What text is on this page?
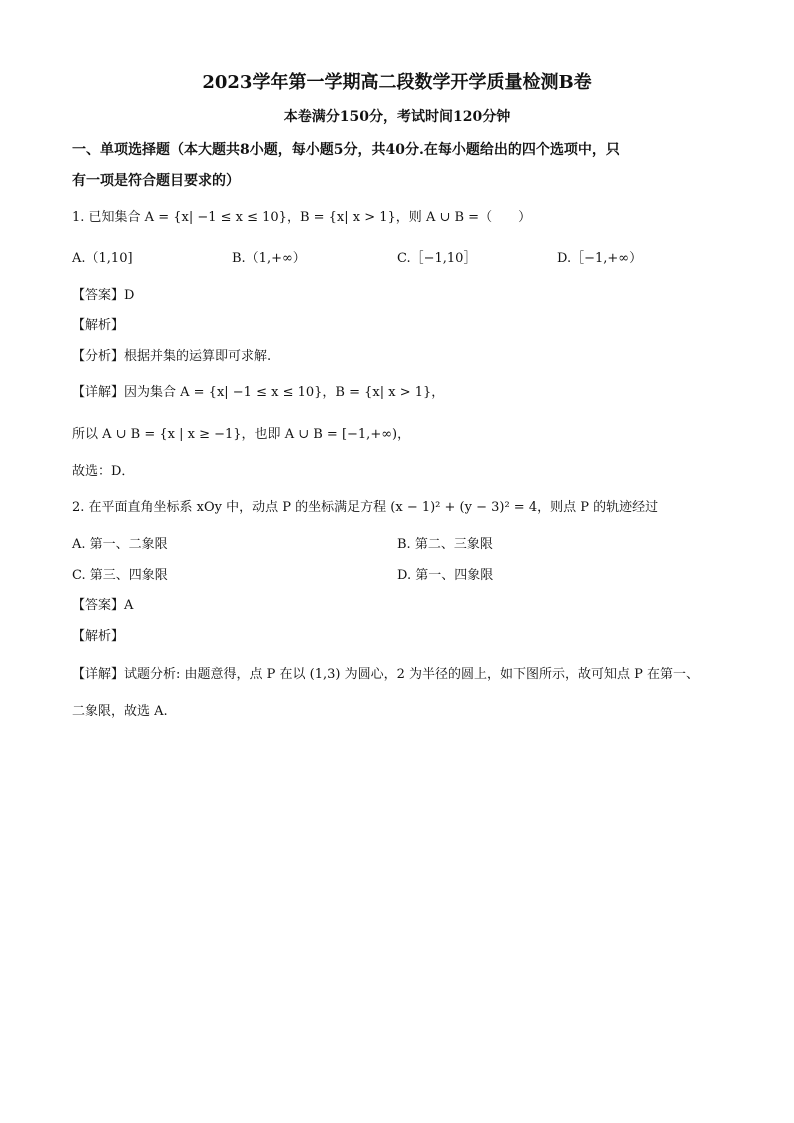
2023学年第一学期高二段数学开学质量检测B卷
本卷满分150分，考试时间120分钟
一、单项选择题（本大题共8小题，每小题5分，共40分.在每小题给出的四个选项中，只
有一项是符合题目要求的）
1. 已知集合 A = {x| −1 ≤ x ≤ 10}，B = {x| x > 1}，则 A ∪ B =（　　）
A.（1,10]	B.（1,+∞）	C.［−1,10］	D.［−1,+∞）
【答案】D
【解析】
【分析】根据并集的运算即可求解.
【详解】因为集合 A = {x| −1 ≤ x ≤ 10}，B = {x| x > 1}，
所以 A ∪ B = {x | x ≥ −1}，也即 A ∪ B = [−1,+∞)，
故选：D．
2. 在平面直角坐标系 xOy 中，动点 P 的坐标满足方程 (x − 1)² + (y − 3)² = 4，则点 P 的轨迹经过
A. 第一、二象限	B. 第二、三象限
C. 第三、四象限	D. 第一、四象限
【答案】A
【解析】
【详解】试题分析: 由题意得，点 P 在以 (1,3) 为圆心，2 为半径的圆上，如下图所示，故可知点 P 在第一、
二象限，故选 A.
